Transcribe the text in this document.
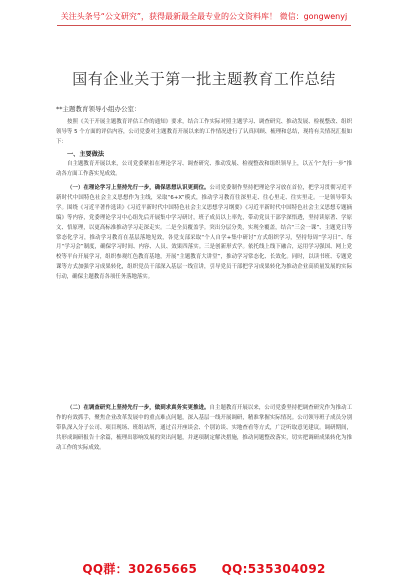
关注头条号“公文研究”，获得最新最全最专业的公文资料库！ 微信：gongwenyj
国有企业关于第一批主题教育工作总结
**主题教育领导小组办公室：
按照《关于开展主题教育评估工作的通知》要求，结合工作实际对照主题学习、调查研究、推动发展、检视整改、组织领导等 5 个方面的评估内容，公司党委对主题教育开展以来的工作情况进行了认真回顾、梳理和总结，现将有关情况汇报如下：
一、主要做法
自主题教育开展以来，公司党委紧扣在理论学习、调查研究、推动发展、检视整改和组织领导上，以五个“先行一步”推动各方面工作落实见成效。
（一）在理论学习上坚持先行一步，确保思想认识更到位。公司党委制作坚持把理论学习放在首位，把学习贯彻习近平新时代中国特色社会主义思想作为主线，采取“6+X”模式，推动学习教育往深里走、往心里走、往实里走。一是领导带头学。围绕《习近平著作选读》《习近平新时代中国特色社会主义思想学习纲要》《习近平新时代中国特色社会主义思想专题摘编》等内容，党委理论学习中心组先后开展集中学习研讨，班子成员以上率先，带动党员干部学深悟透，坚持读原著、学原文、悟原理，以更高标准推动学习走深走实。二是全员覆盖学。突出分层分类，实现全覆盖，结合“三会一课”、主题党日等常态化学习，推动学习教育在基层落地见效，各党支部采取“个人自学+集中研讨”方式组织学习，坚持每周“学习日”、每月“学习会”制度，确保学习时间、内容、人员、效果四落实。三是创新形式学。依托线上线下融合，运用学习强国、网上党校等平台开展学习，组织参观红色教育基地，开展“主题教育大讲堂”，推动学习常态化、长效化。同时，以读书班、专题党课等方式加强学习成果转化，组织党员干部深入基层一线宣讲，引导党员干部把学习成果转化为推动企业高质量发展的实际行动，确保主题教育各项任务落地落实。
（二）在调查研究上坚持先行一步，做到求真务实更推进。自主题教育开展以来，公司党委坚持把调查研究作为推动工作的有效抓手，聚焦企业改革发展中的重点难点问题，深入基层一线开展调研，精准掌握实际情况。公司领导班子成员分别带队深入分子公司、项目现场、班组站所，通过召开座谈会、个别访谈、实地查看等方式，广泛听取意见建议。调研期间，共形成调研报告十余篇，梳理出影响发展的突出问题，并逐项制定解决措施，推动问题整改落实，切实把调研成果转化为推动工作的实际成效。
QQ群：30265665 QQ:535304092
